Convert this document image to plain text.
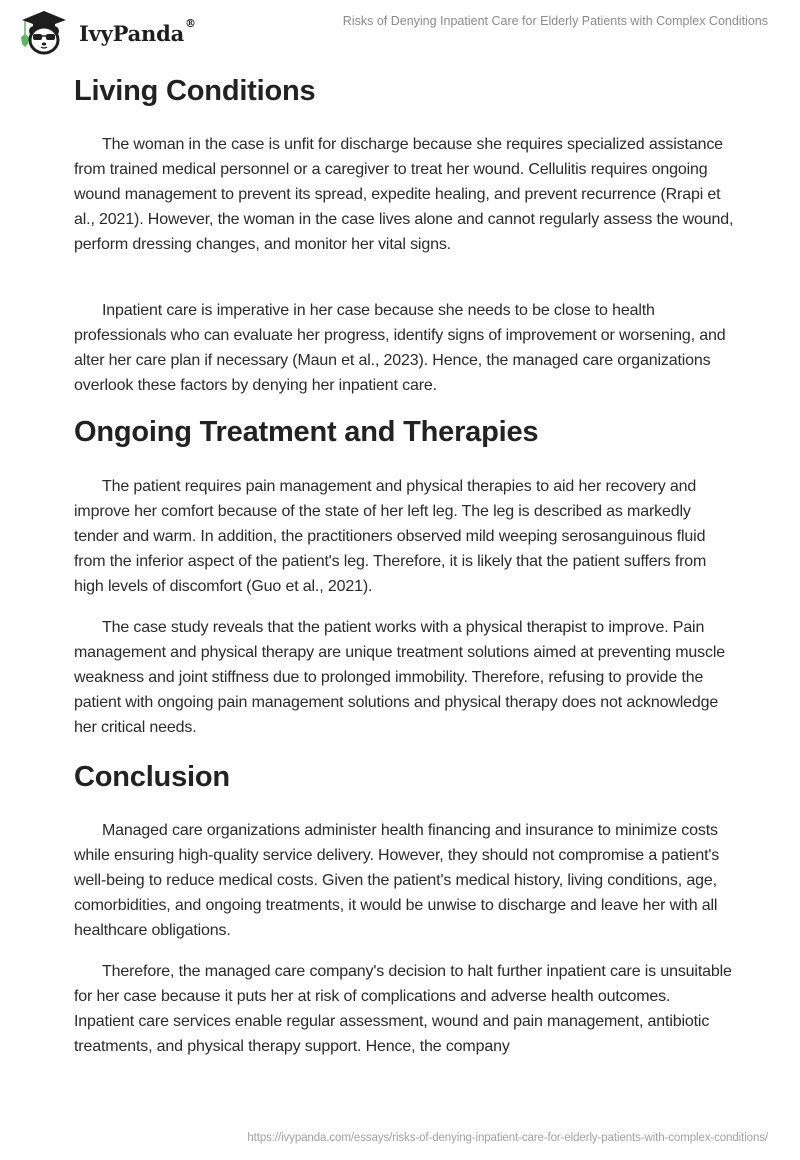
IvyPanda®	Risks of Denying Inpatient Care for Elderly Patients with Complex Conditions
Living Conditions

The woman in the case is unfit for discharge because she requires specialized assistance from trained medical personnel or a caregiver to treat her wound. Cellulitis requires ongoing wound management to prevent its spread, expedite healing, and prevent recurrence (Rrapi et al., 2021). However, the woman in the case lives alone and cannot regularly assess the wound, perform dressing changes, and monitor her vital signs.

Inpatient care is imperative in her case because she needs to be close to health professionals who can evaluate her progress, identify signs of improvement or worsening, and alter her care plan if necessary (Maun et al., 2023). Hence, the managed care organizations overlook these factors by denying her inpatient care.

Ongoing Treatment and Therapies

The patient requires pain management and physical therapies to aid her recovery and improve her comfort because of the state of her left leg. The leg is described as markedly tender and warm. In addition, the practitioners observed mild weeping serosanguinous fluid from the inferior aspect of the patient's leg. Therefore, it is likely that the patient suffers from high levels of discomfort (Guo et al., 2021).

The case study reveals that the patient works with a physical therapist to improve. Pain management and physical therapy are unique treatment solutions aimed at preventing muscle weakness and joint stiffness due to prolonged immobility. Therefore, refusing to provide the patient with ongoing pain management solutions and physical therapy does not acknowledge her critical needs.

Conclusion

Managed care organizations administer health financing and insurance to minimize costs while ensuring high-quality service delivery. However, they should not compromise a patient's well-being to reduce medical costs. Given the patient's medical history, living conditions, age, comorbidities, and ongoing treatments, it would be unwise to discharge and leave her with all healthcare obligations.

Therefore, the managed care company's decision to halt further inpatient care is unsuitable for her case because it puts her at risk of complications and adverse health outcomes. Inpatient care services enable regular assessment, wound and pain management, antibiotic treatments, and physical therapy support. Hence, the company

https://ivypanda.com/essays/risks-of-denying-inpatient-care-for-elderly-patients-with-complex-conditions/
